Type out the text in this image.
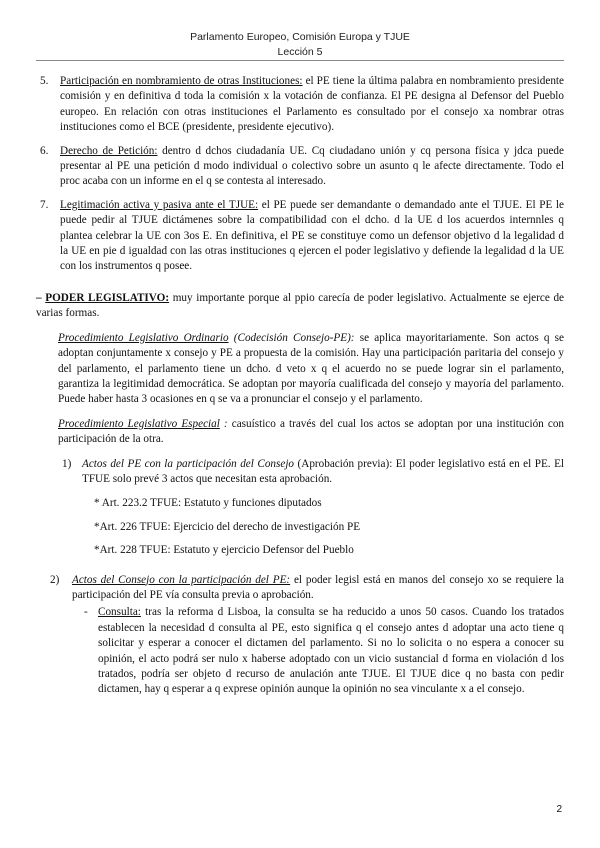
Parlamento Europeo, Comisión Europa y TJUE
Lección 5
5. Participación en nombramiento de otras Instituciones: el PE tiene la última palabra en nombramiento presidente comisión y en definitiva d toda la comisión x la votación de confianza. El PE designa al Defensor del Pueblo europeo. En relación con otras instituciones el Parlamento es consultado por el consejo xa nombrar otras instituciones como el BCE (presidente, presidente ejecutivo).
6. Derecho de Petición: dentro d dchos ciudadanía UE. Cq ciudadano unión y cq persona física y jdca puede presentar al PE una petición d modo individual o colectivo sobre un asunto q le afecte directamente. Todo el proc acaba con un informe en el q se contesta al interesado.
7. Legitimación activa y pasiva ante el TJUE: el PE puede ser demandante o demandado ante el TJUE. El PE le puede pedir al TJUE dictámenes sobre la compatibilidad con el dcho. d la UE d los acuerdos internnles q plantea celebrar la UE con 3os E. En definitiva, el PE se constituye como un defensor objetivo d la legalidad d la UE en pie d igualdad con las otras instituciones q ejercen el poder legislativo y defiende la legalidad d la UE con los instrumentos q posee.
– PODER LEGISLATIVO: muy importante porque al ppio carecía de poder legislativo. Actualmente se ejerce de varias formas.
Procedimiento Legislativo Ordinario (Codecisión Consejo-PE): se aplica mayoritariamente. Son actos q se adoptan conjuntamente x consejo y PE a propuesta de la comisión. Hay una participación paritaria del consejo y del parlamento, el parlamento tiene un dcho. d veto x q el acuerdo no se puede lograr sin el parlamento, garantiza la legitimidad democrática. Se adoptan por mayoría cualificada del consejo y mayoría del parlamento. Puede haber hasta 3 ocasiones en q se va a pronunciar el consejo y el parlamento.
Procedimiento Legislativo Especial : casuístico a través del cual los actos se adoptan por una institución con participación de la otra.
1) Actos del PE con la participación del Consejo (Aprobación previa): El poder legislativo está en el PE. El TFUE solo prevé 3 actos que necesitan esta aprobación.
* Art. 223.2 TFUE: Estatuto y funciones diputados
*Art. 226 TFUE: Ejercicio del derecho de investigación PE
*Art. 228 TFUE: Estatuto y ejercicio Defensor del Pueblo
2) Actos del Consejo con la participación del PE: el poder legisl está en manos del consejo xo se requiere la participación del PE vía consulta previa o aprobación.
- Consulta: tras la reforma d Lisboa, la consulta se ha reducido a unos 50 casos. Cuando los tratados establecen la necesidad d consulta al PE, esto significa q el consejo antes d adoptar una acto tiene q solicitar y esperar a conocer el dictamen del parlamento. Si no lo solicita o no espera a conocer su opinión, el acto podrá ser nulo x haberse adoptado con un vicio sustancial d forma en violación d los tratados, podría ser objeto d recurso de anulación ante TJUE. El TJUE dice q no basta con pedir dictamen, hay q esperar a q exprese opinión aunque la opinión no sea vinculante x a el consejo.
2
